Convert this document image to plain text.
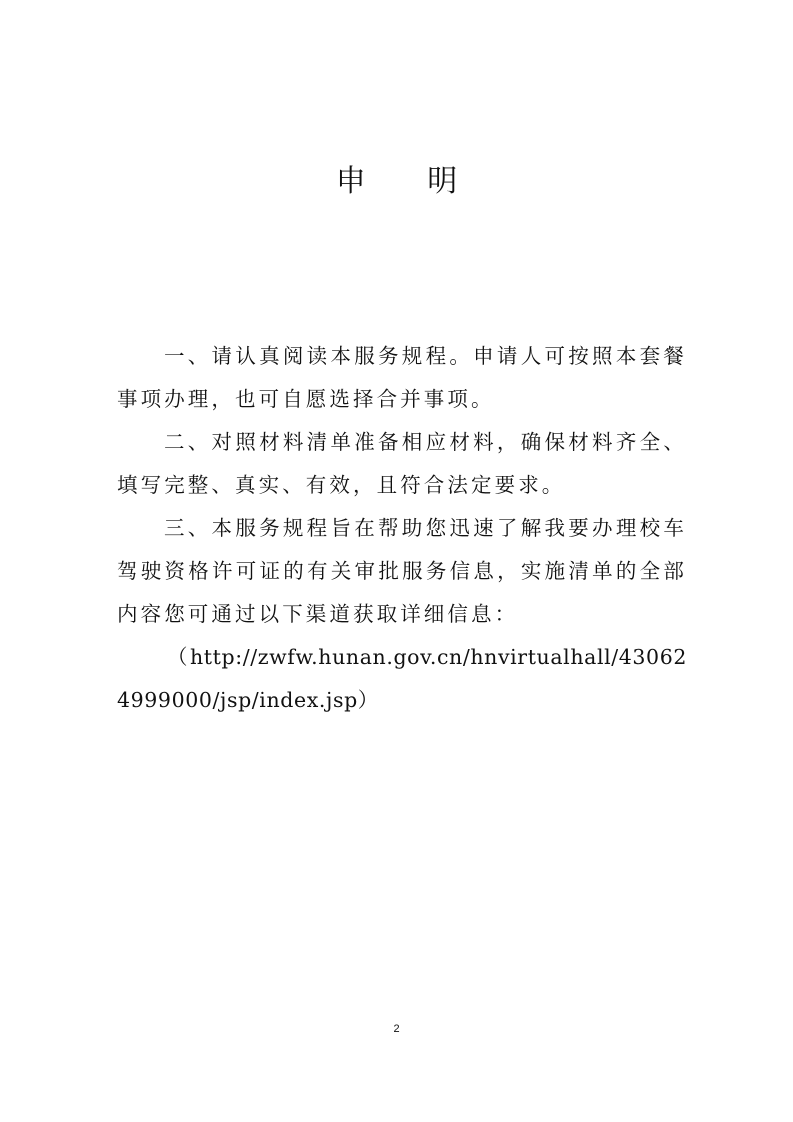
申 明

一、请认真阅读本服务规程。申请人可按照本套餐事项办理，也可自愿选择合并事项。

二、对照材料清单准备相应材料，确保材料齐全、填写完整、真实、有效，且符合法定要求。

三、本服务规程旨在帮助您迅速了解我要办理校车驾驶资格许可证的有关审批服务信息，实施清单的全部内容您可通过以下渠道获取详细信息：

（http://zwfw.hunan.gov.cn/hnvirtualhall/430624999000/jsp/index.jsp）

2
